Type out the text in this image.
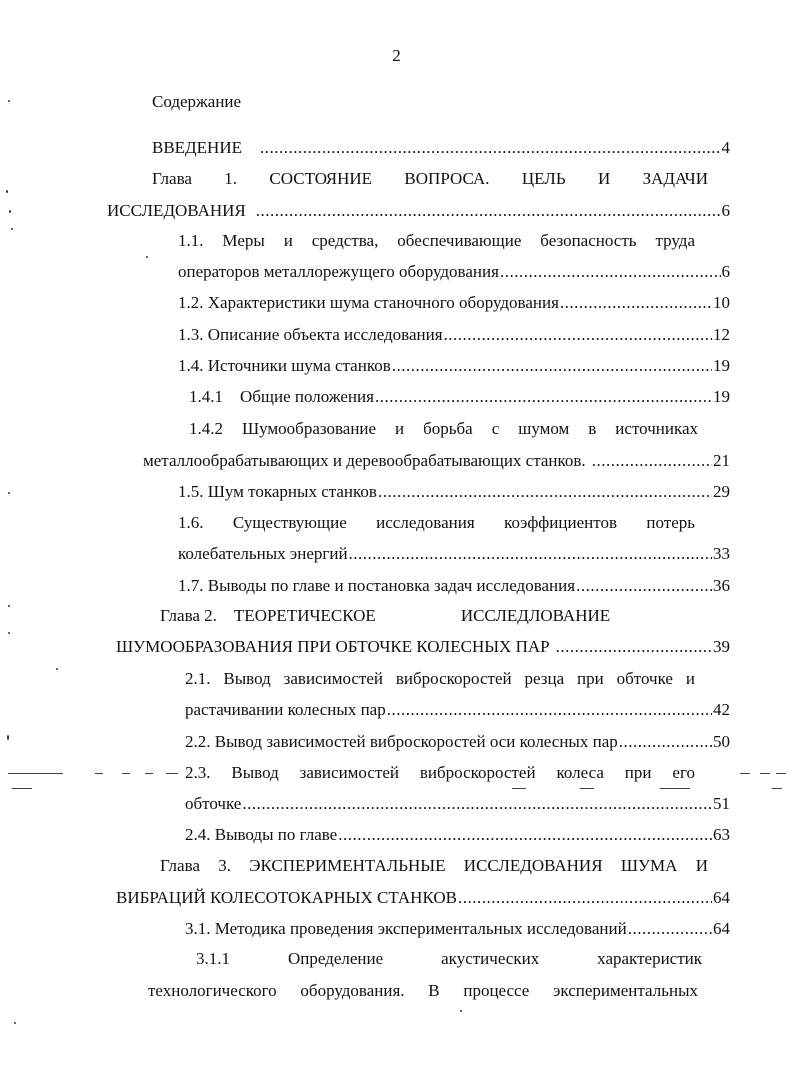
2
Содержание
ВВЕДЕНИЕ .....	4
Глава 1. СОСТОЯНИЕ ВОПРОСА. ЦЕЛЬ И ЗАДАЧИ
ИССЛЕДОВАНИЯ .....	6
1.1. Меры и средства, обеспечивающие безопасность труда
операторов металлорежущего оборудования .....	6
1.2. Характеристики шума станочного оборудования .....	10
1.3. Описание объекта исследования .....	12
1.4. Источники шума станков .....	19
1.4.1    Общие положения .....	19
1.4.2 Шумообразование и борьба с шумом в источниках
металлообрабатывающих и деревообрабатывающих станков. .....	21
1.5. Шум токарных станков .....	29
1.6. Существующие исследования коэффициентов потерь
колебательных энергий .....	33
1.7. Выводы по главе и постановка задач исследования .....	36
Глава 2.    ТЕОРЕТИЧЕСКОЕ                    ИССЛЕДЛОВАНИЕ
ШУМООБРАЗОВАНИЯ ПРИ ОБТОЧКЕ КОЛЕСНЫХ ПАР .....	39
2.1. Вывод зависимостей виброскоростей резца при обточке и
растачивании колесных пар .....	42
2.2. Вывод зависимостей виброскоростей оси колесных пар .....	50
2.3. Вывод зависимостей виброскоростей колеса при его
обточке .....	51
2.4. Выводы по главе .....	63
Глава 3. ЭКСПЕРИМЕНТАЛЬНЫЕ ИССЛЕДОВАНИЯ ШУМА И
ВИБРАЦИЙ КОЛЕСОТОКАРНЫХ СТАНКОВ .....	64
3.1. Методика проведения экспериментальных исследований .....	64
3.1.1 Определение акустических характеристик
технологического оборудования. В процессе экспериментальных
